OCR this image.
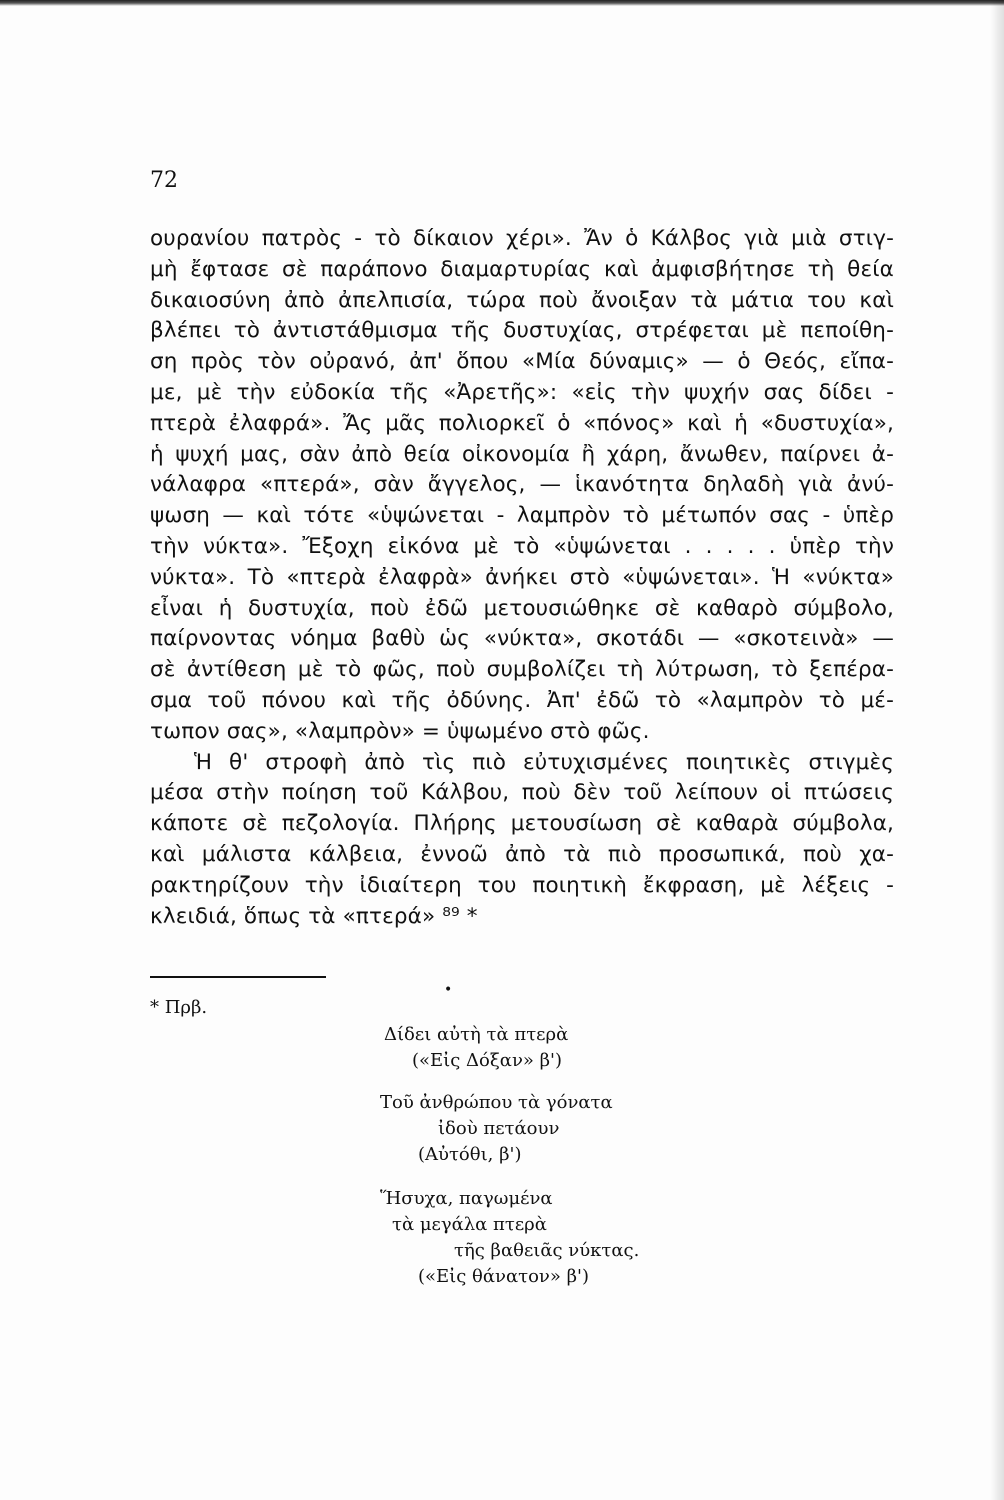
72
ουρανίου πατρὸς - τὸ δίκαιον χέρι». Ἄν ὁ Κάλβος γιὰ μιὰ στιγ-
μὴ ἔφτασε σὲ παράπονο διαμαρτυρίας καὶ ἀμφισβήτησε τὴ θεία
δικαιοσύνη ἀπὸ ἀπελπισία, τώρα ποὺ ἄνοιξαν τὰ μάτια του καὶ
βλέπει τὸ ἀντιστάθμισμα τῆς δυστυχίας, στρέφεται μὲ πεποίθη-
ση πρὸς τὸν οὐρανό, ἀπ' ὅπου «Μία δύναμις» — ὁ Θεός, εἴπα-
με, μὲ τὴν εὐδοκία τῆς «Ἀρετῆς»: «εἰς τὴν ψυχήν σας δίδει -
πτερὰ ἐλαφρά». Ἄς μᾶς πολιορκεῖ ὁ «πόνος» καὶ ἡ «δυστυχία»,
ἡ ψυχή μας, σὰν ἀπὸ θεία οἰκονομία ἢ χάρη, ἄνωθεν, παίρνει ἀ-
νάλαφρα «πτερά», σὰν ἄγγελος, — ἱκανότητα δηλαδὴ γιὰ ἀνύ-
ψωση — καὶ τότε «ὑψώνεται - λαμπρὸν τὸ μέτωπόν σας - ὑπὲρ
τὴν νύκτα». Ἔξοχη εἰκόνα μὲ τὸ «ὑψώνεται . . . . . ὑπὲρ τὴν
νύκτα». Τὸ «πτερὰ ἐλαφρὰ» ἀνήκει στὸ «ὑψώνεται». Ἡ «νύκτα»
εἶναι ἡ δυστυχία, ποὺ ἐδῶ μετουσιώθηκε σὲ καθαρὸ σύμβολο,
παίρνοντας νόημα βαθὺ ὡς «νύκτα», σκοτάδι — «σκοτεινὰ» —
σὲ ἀντίθεση μὲ τὸ φῶς, ποὺ συμβολίζει τὴ λύτρωση, τὸ ξεπέρα-
σμα τοῦ πόνου καὶ τῆς ὀδύνης. Ἀπ' ἐδῶ τὸ «λαμπρὸν τὸ μέ-
τωπον σας», «λαμπρὸν» = ὑψωμένο στὸ φῶς.
Ἡ θ' στροφὴ ἀπὸ τὶς πιὸ εὐτυχισμένες ποιητικὲς στιγμὲς
μέσα στὴν ποίηση τοῦ Κάλβου, ποὺ δὲν τοῦ λείπουν οἱ πτώσεις
κάποτε σὲ πεζολογία. Πλήρης μετουσίωση σὲ καθαρὰ σύμβολα,
καὶ μάλιστα κάλβεια, ἐννοῶ ἀπὸ τὰ πιὸ προσωπικά, ποὺ χα-
ρακτηρίζουν τὴν ἰδιαίτερη του ποιητικὴ ἔκφραση, μὲ λέξεις -
κλειδιά, ὅπως τὰ «πτερά» ⁸⁹ *
•
* Πρβ.
Δίδει αὐτὴ τὰ πτερὰ
(«Εἰς Δόξαν» β')
Τοῦ ἀνθρώπου τὰ γόνατα
ἰδοὺ πετάουν
(Αὐτόθι, β')
Ἥσυχα, παγωμένα
τὰ μεγάλα πτερὰ
τῆς βαθειᾶς νύκτας.
(«Εἰς θάνατον» β')
